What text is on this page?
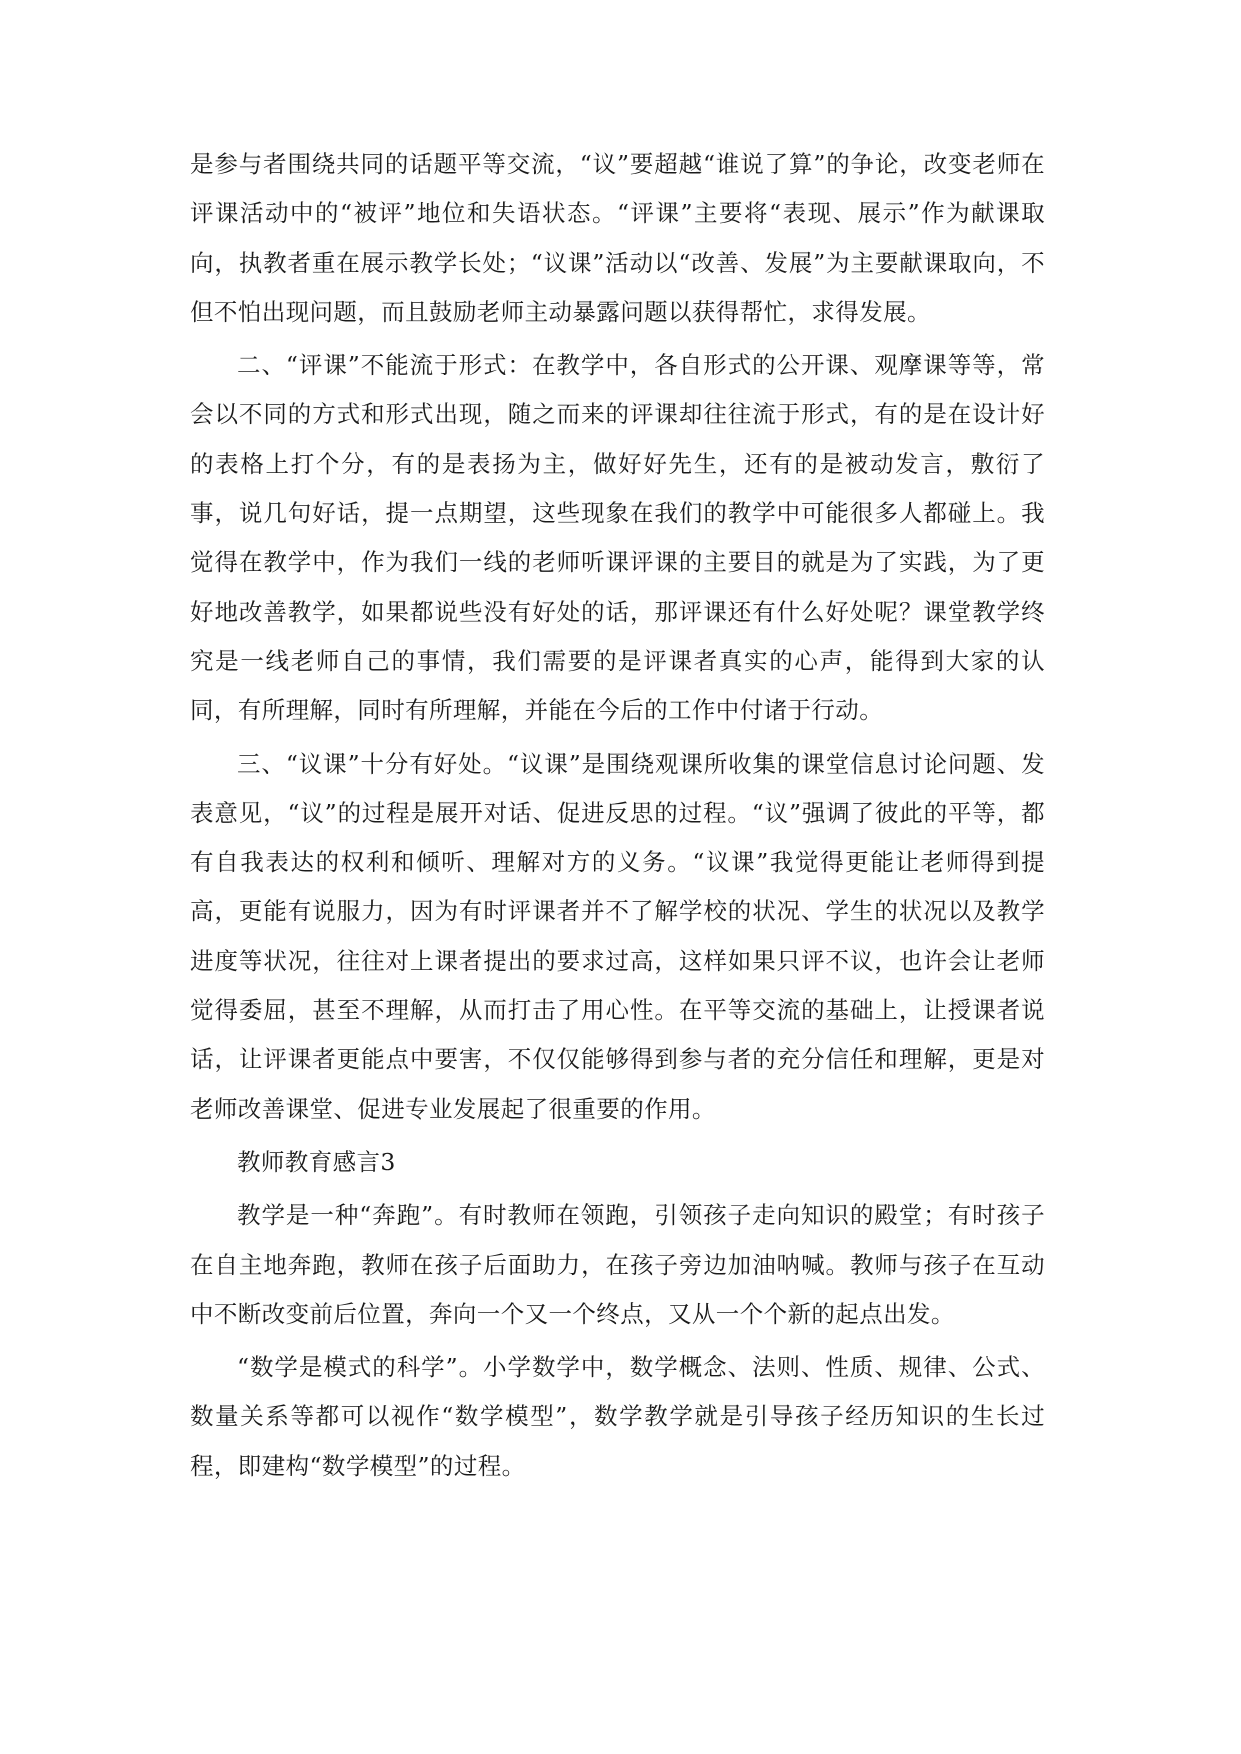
是参与者围绕共同的话题平等交流，“议”要超越“谁说了算”的争论，改变老师在评课活动中的“被评”地位和失语状态。“评课”主要将“表现、展示”作为献课取向，执教者重在展示教学长处；“议课”活动以“改善、发展”为主要献课取向，不但不怕出现问题，而且鼓励老师主动暴露问题以获得帮忙，求得发展。

二、“评课”不能流于形式：在教学中，各自形式的公开课、观摩课等等，常会以不同的方式和形式出现，随之而来的评课却往往流于形式，有的是在设计好的表格上打个分，有的是表扬为主，做好好先生，还有的是被动发言，敷衍了事，说几句好话，提一点期望，这些现象在我们的教学中可能很多人都碰上。我觉得在教学中，作为我们一线的老师听课评课的主要目的就是为了实践，为了更好地改善教学，如果都说些没有好处的话，那评课还有什么好处呢？课堂教学终究是一线老师自己的事情，我们需要的是评课者真实的心声，能得到大家的认同，有所理解，同时有所理解，并能在今后的工作中付诸于行动。

三、“议课”十分有好处。“议课”是围绕观课所收集的课堂信息讨论问题、发表意见，“议”的过程是展开对话、促进反思的过程。“议”强调了彼此的平等，都有自我表达的权利和倾听、理解对方的义务。“议课”我觉得更能让老师得到提高，更能有说服力，因为有时评课者并不了解学校的状况、学生的状况以及教学进度等状况，往往对上课者提出的要求过高，这样如果只评不议，也许会让老师觉得委屈，甚至不理解，从而打击了用心性。在平等交流的基础上，让授课者说话，让评课者更能点中要害，不仅仅能够得到参与者的充分信任和理解，更是对老师改善课堂、促进专业发展起了很重要的作用。

教师教育感言3

教学是一种“奔跑”。有时教师在领跑，引领孩子走向知识的殿堂；有时孩子在自主地奔跑，教师在孩子后面助力，在孩子旁边加油呐喊。教师与孩子在互动中不断改变前后位置，奔向一个又一个终点，又从一个个新的起点出发。

“数学是模式的科学”。小学数学中，数学概念、法则、性质、规律、公式、数量关系等都可以视作“数学模型”，数学教学就是引导孩子经历知识的生长过程，即建构“数学模型”的过程。
